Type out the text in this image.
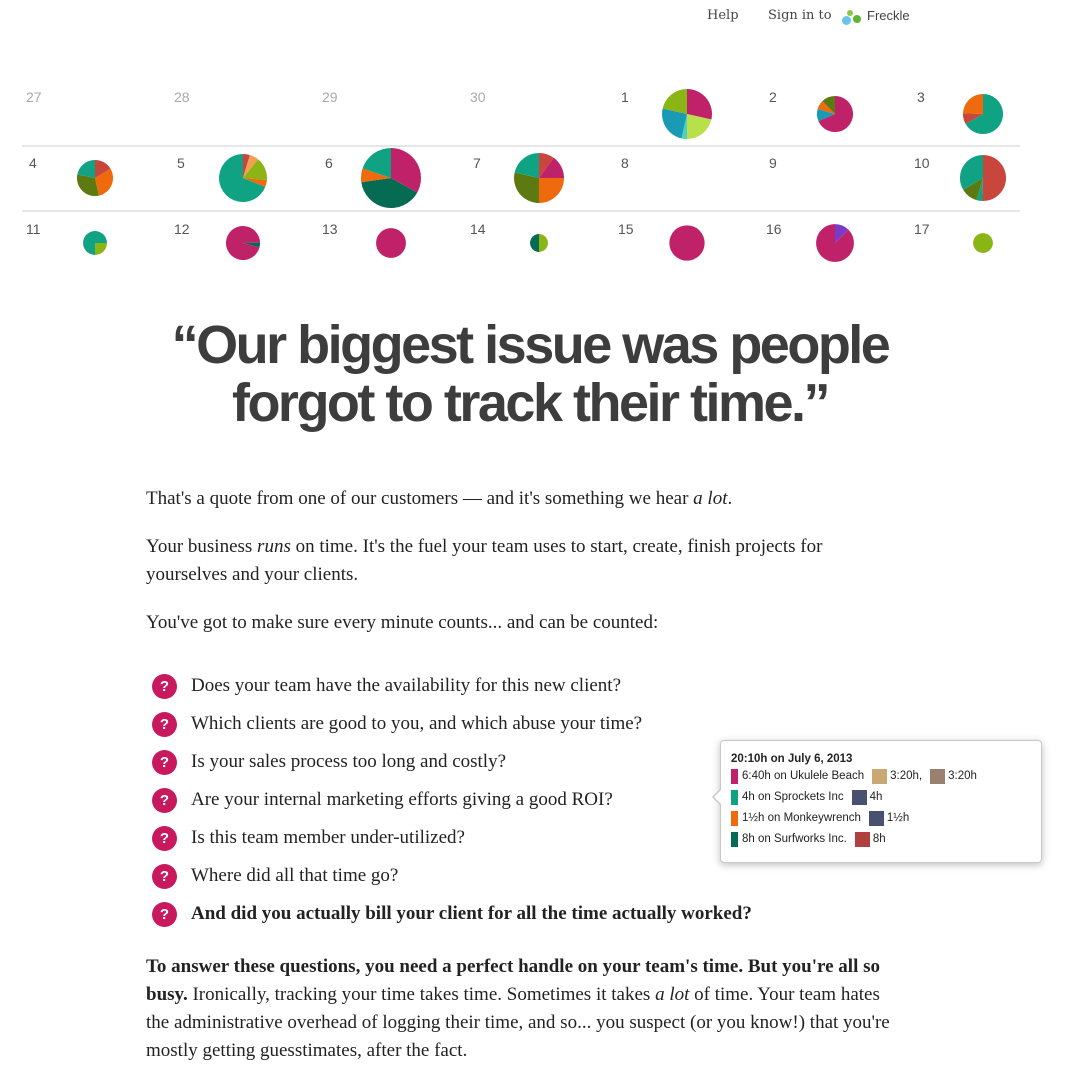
Help Sign in to	Freckle
27	28	29	30	1	2	3
4	5	6	7	8	9	10
11	12	13	14	15	16	17
20:10h on July 6, 2013
6:40h on Ukulele Beach 3:20h, 3:20h
4h on Sprockets Inc 4h
1½h on Monkeywrench 1½h
8h on Surfworks Inc. 8h
“Our biggest issue was people
forgot to track their time.”
That's a quote from one of our customers — and it's something we hear a lot.
Your business runs on time. It's the fuel your team uses to start, create, finish projects for yourselves and your clients.
You've got to make sure every minute counts... and can be counted:
?	Does your team have the availability for this new client?
?	Which clients are good to you, and which abuse your time?
?	Is your sales process too long and costly?
?	Are your internal marketing efforts giving a good ROI?
?	Is this team member under-utilized?
?	Where did all that time go?
?	And did you actually bill your client for all the time actually worked?
To answer these questions, you need a perfect handle on your team's time. But you're all so busy. Ironically, tracking your time takes time. Sometimes it takes a lot of time. Your team hates the administrative overhead of logging their time, and so... you suspect (or you know!) that you're mostly getting guesstimates, after the fact.
